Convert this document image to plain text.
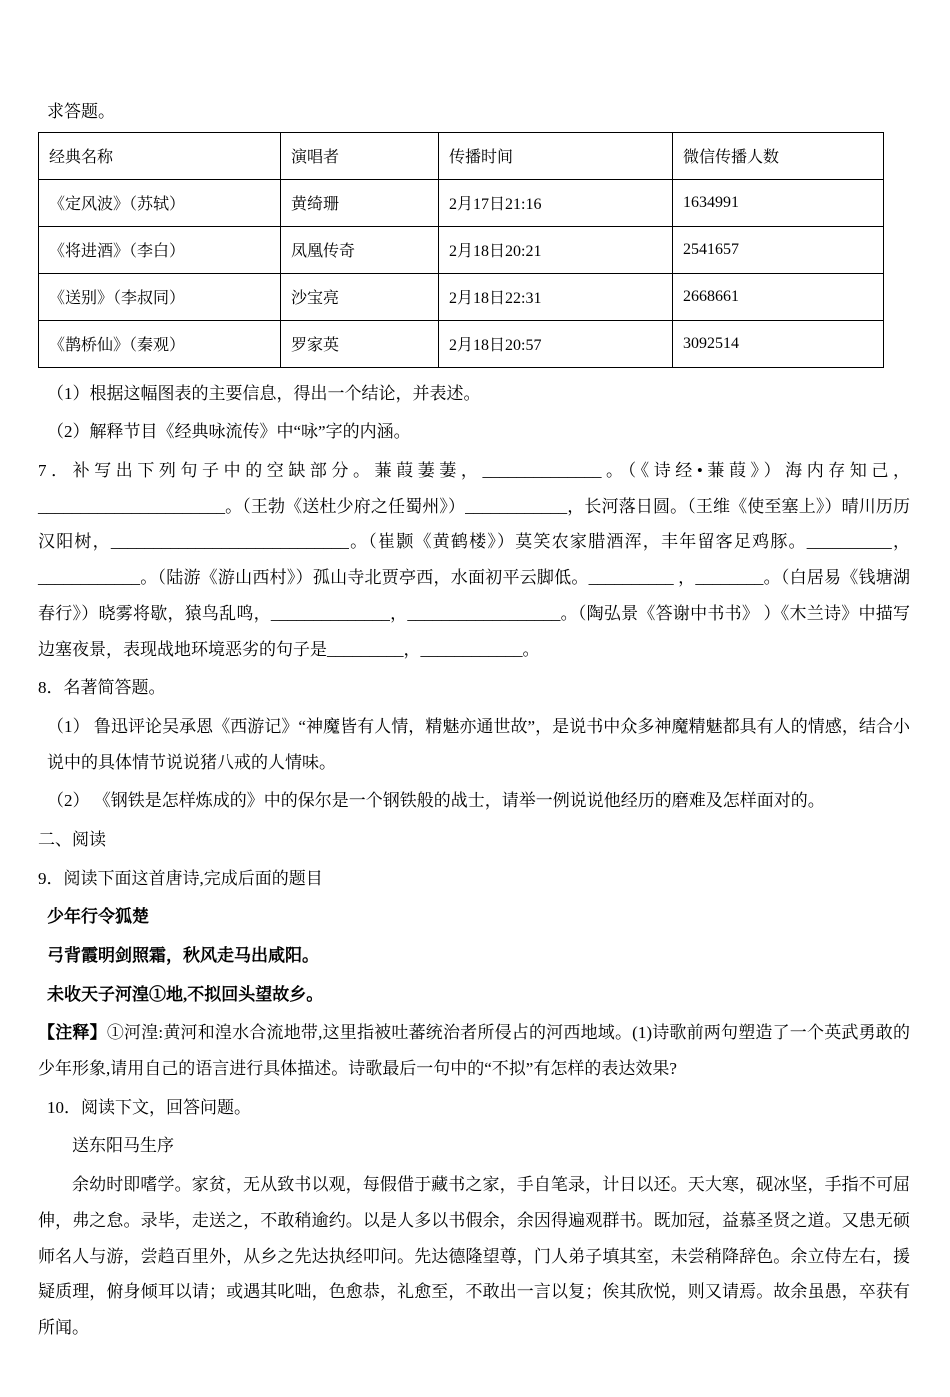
求答题。

经典名称	演唱者	传播时间	微信传播人数
《定风波》（苏轼）	黄绮珊	2月17日21:16	1634991
《将进酒》（李白）	凤凰传奇	2月18日20:21	2541657
《送别》（李叔同）	沙宝亮	2月18日22:31	2668661
《鹊桥仙》（秦观）	罗家英	2月18日20:57	3092514

（1）根据这幅图表的主要信息，得出一个结论，并表述。

（2）解释节目《经典咏流传》中“咏”字的内涵。

7．补写出下列句子中的空缺部分。蒹葭萋萋，______________。（《诗经•蒹葭》）海内存知己，______________________。（王勃《送杜少府之任蜀州》）____________，长河落日圆。（王维《使至塞上》）晴川历历汉阳树，____________________________。（崔颢《黄鹤楼》）莫笑农家腊酒浑，丰年留客足鸡豚。__________，____________。（陆游《游山西村》）孤山寺北贾亭西，水面初平云脚低。__________ ，________。（白居易《钱塘湖春行》）晓雾将歇，猿鸟乱鸣，______________，__________________。（陶弘景《答谢中书书》 ）《木兰诗》中描写边塞夜景，表现战地环境恶劣的句子是_________，____________。

8．名著简答题。

（1） 鲁迅评论吴承恩《西游记》“神魔皆有人情，精魅亦通世故”，是说书中众多神魔精魅都具有人的情感，结合小说中的具体情节说说猪八戒的人情味。

（2） 《钢铁是怎样炼成的》中的保尔是一个钢铁般的战士，请举一例说说他经历的磨难及怎样面对的。

二、阅读

9．阅读下面这首唐诗,完成后面的题目

少年行令狐楚

弓背霞明剑照霜，秋风走马出咸阳。

未收天子河湟①地,不拟回头望故乡。

【注释】①河湟:黄河和湟水合流地带,这里指被吐蕃统治者所侵占的河西地域。(1)诗歌前两句塑造了一个英武勇敢的少年形象,请用自己的语言进行具体描述。诗歌最后一句中的“不拟”有怎样的表达效果?

10．阅读下文，回答问题。

送东阳马生序

余幼时即嗜学。家贫，无从致书以观，每假借于藏书之家，手自笔录，计日以还。天大寒，砚冰坚，手指不可屈伸，弗之怠。录毕，走送之，不敢稍逾约。以是人多以书假余，余因得遍观群书。既加冠，益慕圣贤之道。又患无硕师名人与游，尝趋百里外，从乡之先达执经叩问。先达德隆望尊，门人弟子填其室，未尝稍降辞色。余立侍左右，援疑质理，俯身倾耳以请；或遇其叱咄，色愈恭，礼愈至，不敢出一言以复；俟其欣悦，则又请焉。故余虽愚，卒获有所闻。
